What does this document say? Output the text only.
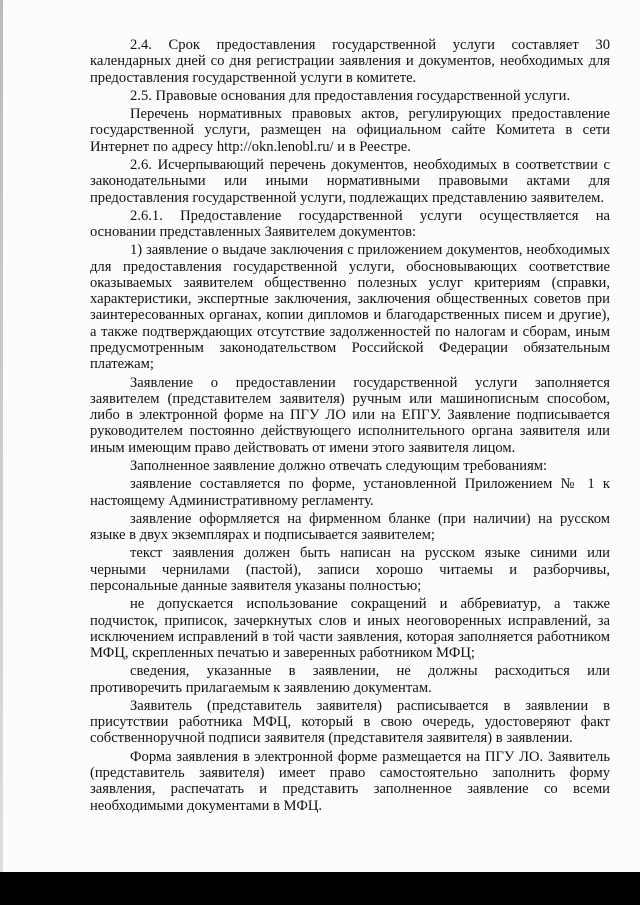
2.4. Срок предоставления государственной услуги составляет 30 календарных дней со дня регистрации заявления и документов, необходимых для предоставления государственной услуги в комитете.

2.5. Правовые основания для предоставления государственной услуги.

Перечень нормативных правовых актов, регулирующих предоставление государственной услуги, размещен на официальном сайте Комитета в сети Интернет по адресу http://okn.lenobl.ru/ и в Реестре.

2.6. Исчерпывающий перечень документов, необходимых в соответствии с законодательными или иными нормативными правовыми актами для предоставления государственной услуги, подлежащих представлению заявителем.

2.6.1. Предоставление государственной услуги осуществляется на основании представленных Заявителем документов:

1) заявление о выдаче заключения с приложением документов, необходимых для предоставления государственной услуги, обосновывающих соответствие оказываемых заявителем общественно полезных услуг критериям (справки, характеристики, экспертные заключения, заключения общественных советов при заинтересованных органах, копии дипломов и благодарственных писем и другие), а также подтверждающих отсутствие задолженностей по налогам и сборам, иным предусмотренным законодательством Российской Федерации обязательным платежам;

Заявление о предоставлении государственной услуги заполняется заявителем (представителем заявителя) ручным или машинописным способом, либо в электронной форме на ПГУ ЛО или на ЕПГУ. Заявление подписывается руководителем постоянно действующего исполнительного органа заявителя или иным имеющим право действовать от имени этого заявителя лицом.

Заполненное заявление должно отвечать следующим требованиям:

заявление составляется по форме, установленной Приложением № 1 к настоящему Административному регламенту.

заявление оформляется на фирменном бланке (при наличии) на русском языке в двух экземплярах и подписывается заявителем;

текст заявления должен быть написан на русском языке синими или черными чернилами (пастой), записи хорошо читаемы и разборчивы, персональные данные заявителя указаны полностью;

не допускается использование сокращений и аббревиатур, а также подчисток, приписок, зачеркнутых слов и иных неоговоренных исправлений, за исключением исправлений в той части заявления, которая заполняется работником МФЦ, скрепленных печатью и заверенных работником МФЦ;

сведения, указанные в заявлении, не должны расходиться или противоречить прилагаемым к заявлению документам.

Заявитель (представитель заявителя) расписывается в заявлении в присутствии работника МФЦ, который в свою очередь, удостоверяют факт собственноручной подписи заявителя (представителя заявителя) в заявлении.

Форма заявления в электронной форме размещается на ПГУ ЛО. Заявитель (представитель заявителя) имеет право самостоятельно заполнить форму заявления, распечатать и представить заполненное заявление со всеми необходимыми документами в МФЦ.
